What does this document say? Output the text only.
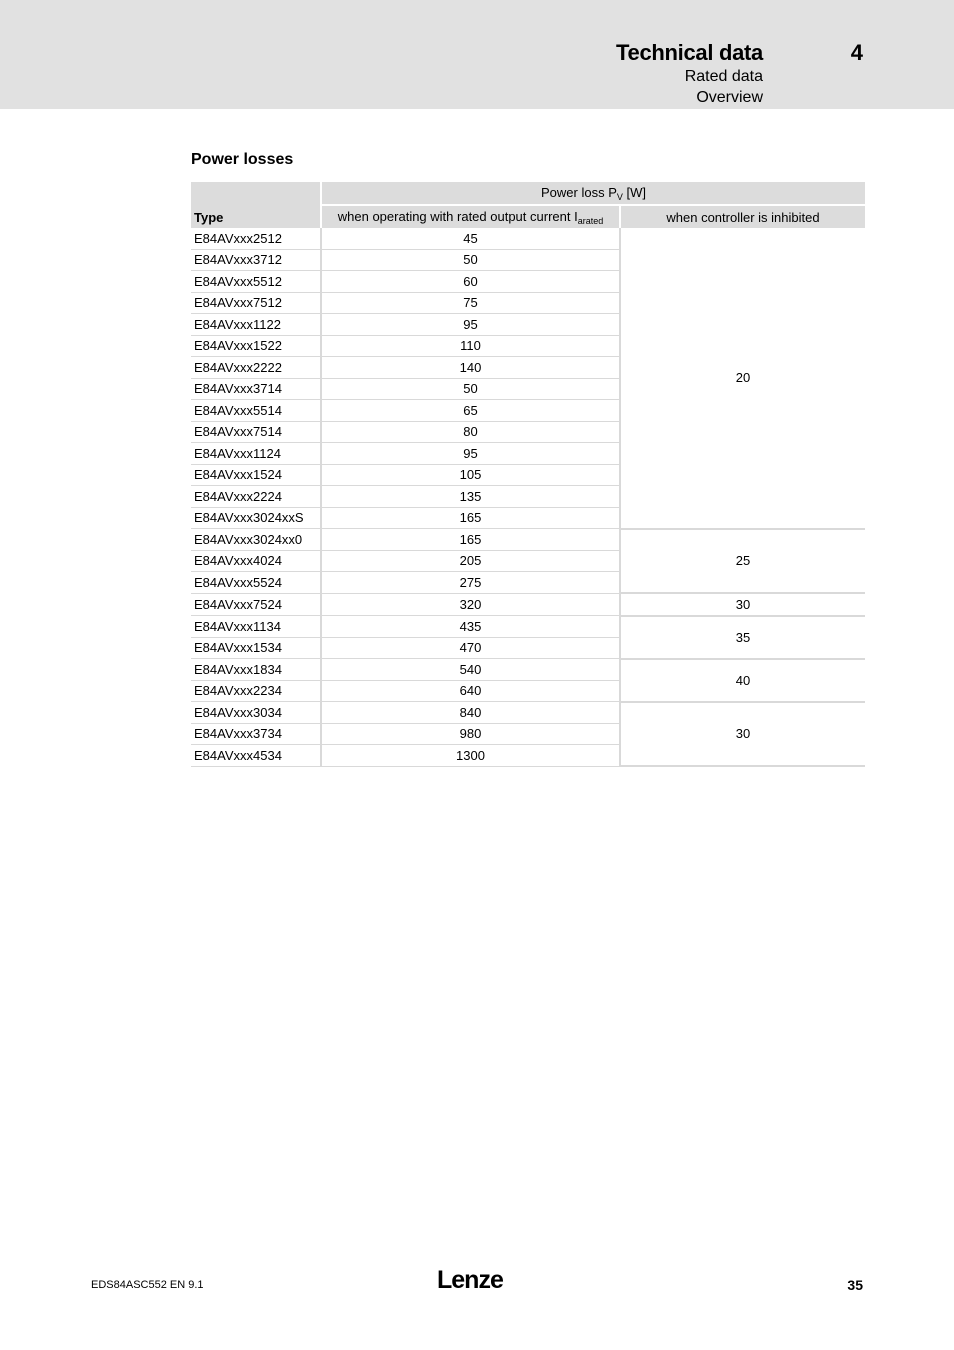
Technical data	4
Rated data
Overview
Power losses
Type	Power loss $P_V$ [W]	
	when operating with rated output current $I_{arated}$	when controller is inhibited
E84AVxxx2512	45	20
E84AVxxx3712	50	
E84AVxxx5512	60	
E84AVxxx7512	75	
E84AVxxx1122	95	
E84AVxxx1522	110	
E84AVxxx2222	140	
E84AVxxx3714	50	
E84AVxxx5514	65	
E84AVxxx7514	80	
E84AVxxx1124	95	
E84AVxxx1524	105	
E84AVxxx2224	135	
E84AVxxx3024xxS	165	
E84AVxxx3024xx0	165	25
E84AVxxx4024	205	
E84AVxxx5524	275	
E84AVxxx7524	320	30
E84AVxxx1134	435	35
E84AVxxx1534	470	
E84AVxxx1834	540	40
E84AVxxx2234	640	
E84AVxxx3034	840	30
E84AVxxx3734	980	
E84AVxxx4534	1300	
EDS84ASC552 EN 9.1	Lenze	35
